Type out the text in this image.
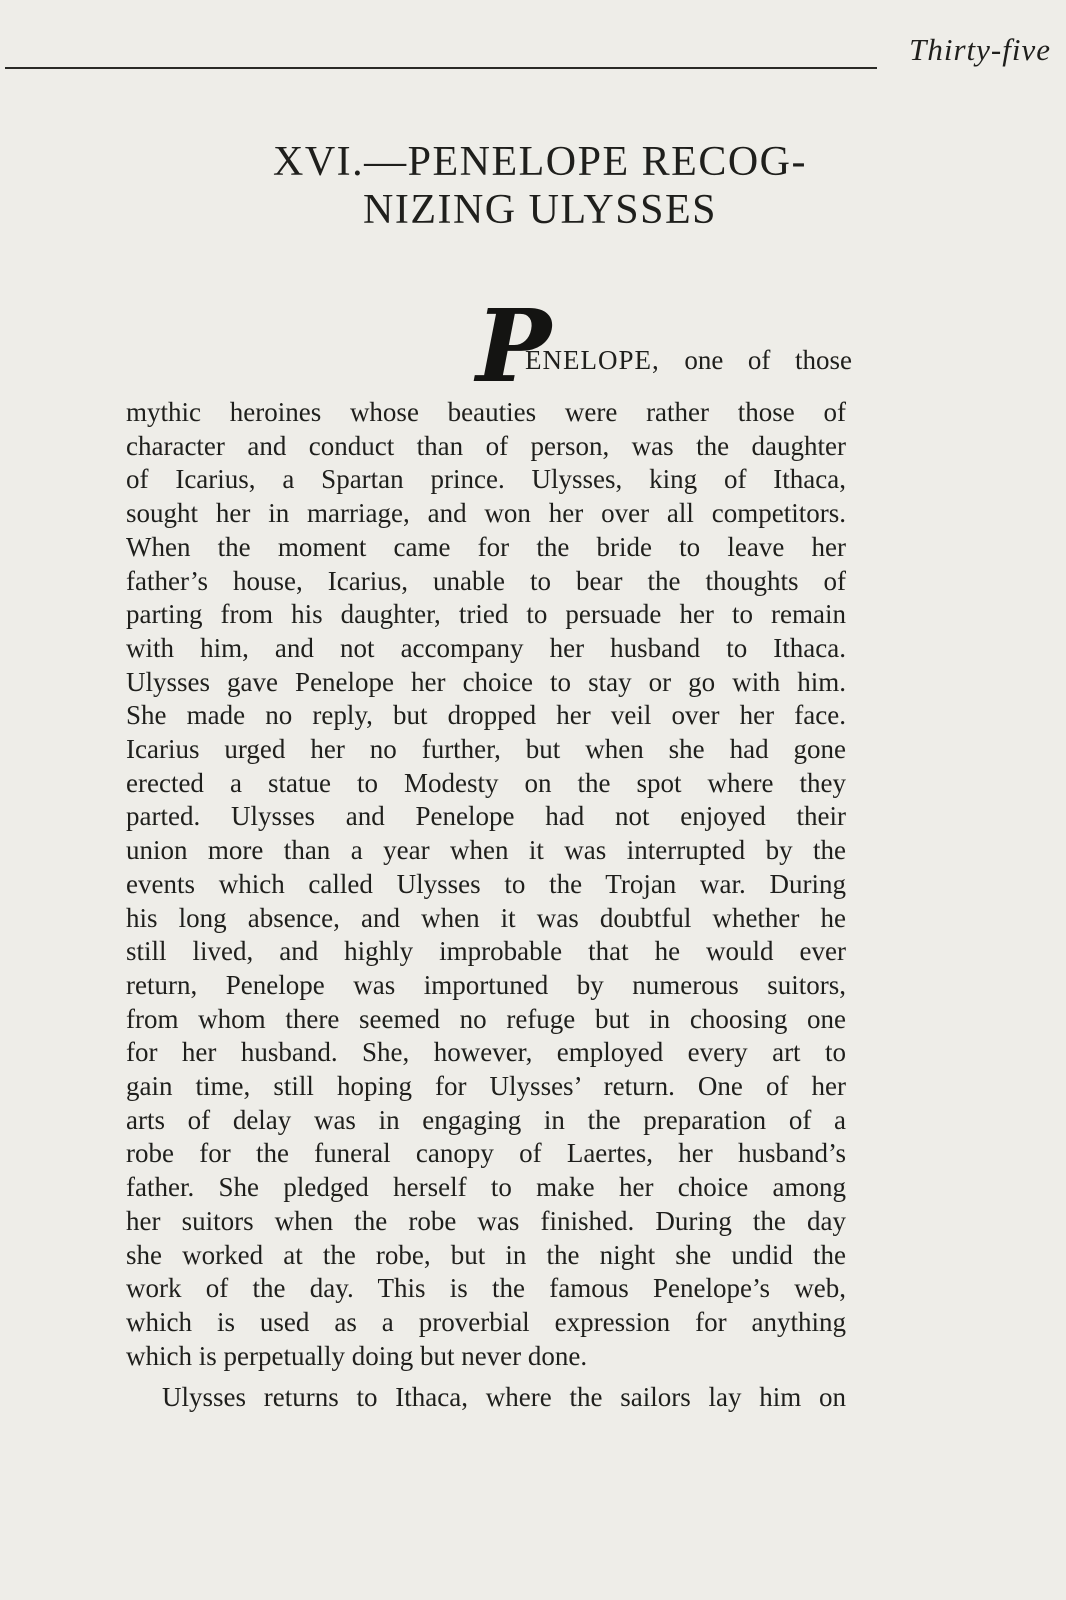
Thirty-five
XVI.—PENELOPE RECOG-
NIZING ULYSSES
P
ENELOPE, one of those
mythic heroines whose beauties were rather those of
character and conduct than of person, was the daughter
of Icarius, a Spartan prince. Ulysses, king of Ithaca,
sought her in marriage, and won her over all competitors.
When the moment came for the bride to leave her
father’s house, Icarius, unable to bear the thoughts of
parting from his daughter, tried to persuade her to remain
with him, and not accompany her husband to Ithaca.
Ulysses gave Penelope her choice to stay or go with him.
She made no reply, but dropped her veil over her face.
Icarius urged her no further, but when she had gone
erected a statue to Modesty on the spot where they
parted. Ulysses and Penelope had not enjoyed their
union more than a year when it was interrupted by the
events which called Ulysses to the Trojan war. During
his long absence, and when it was doubtful whether he
still lived, and highly improbable that he would ever
return, Penelope was importuned by numerous suitors,
from whom there seemed no refuge but in choosing one
for her husband. She, however, employed every art to
gain time, still hoping for Ulysses’ return. One of her
arts of delay was in engaging in the preparation of a
robe for the funeral canopy of Laertes, her husband’s
father. She pledged herself to make her choice among
her suitors when the robe was finished. During the day
she worked at the robe, but in the night she undid the
work of the day. This is the famous Penelope’s web,
which is used as a proverbial expression for anything
which is perpetually doing but never done.
Ulysses returns to Ithaca, where the sailors lay him on
